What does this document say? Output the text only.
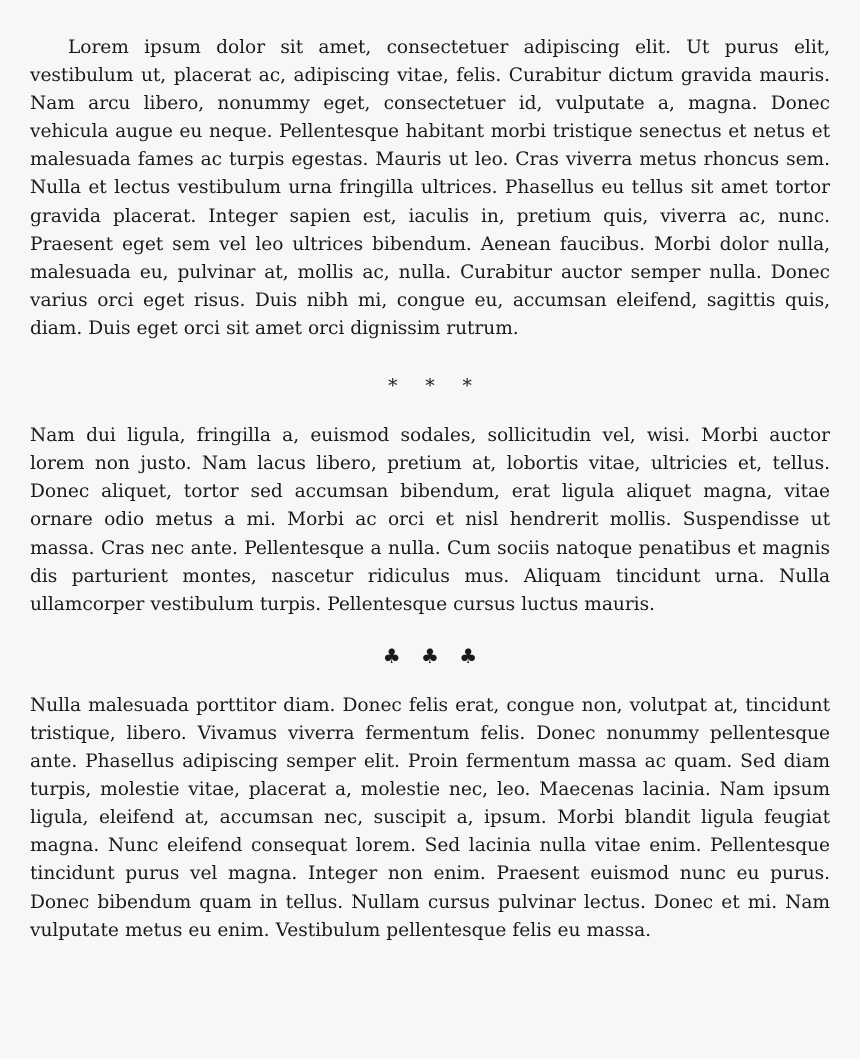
Lorem ipsum dolor sit amet, consectetuer adipiscing elit. Ut purus elit, vestibulum ut, placerat ac, adipiscing vitae, felis. Curabitur dictum gravida mauris. Nam arcu libero, nonummy eget, consectetuer id, vulputate a, magna. Donec vehicula augue eu neque. Pellentesque habitant morbi tristique senectus et netus et malesuada fames ac turpis egestas. Mauris ut leo. Cras viverra metus rhoncus sem. Nulla et lectus vestibulum urna fringilla ultrices. Phasellus eu tellus sit amet tortor gravida placerat. Integer sapien est, iaculis in, pretium quis, viverra ac, nunc. Praesent eget sem vel leo ultrices bibendum. Aenean faucibus. Morbi dolor nulla, malesuada eu, pulvinar at, mollis ac, nulla. Curabitur auctor semper nulla. Donec varius orci eget risus. Duis nibh mi, congue eu, accumsan eleifend, sagittis quis, diam. Duis eget orci sit amet orci dignissim rutrum.

* * *

Nam dui ligula, fringilla a, euismod sodales, sollicitudin vel, wisi. Morbi auctor lorem non justo. Nam lacus libero, pretium at, lobortis vitae, ultricies et, tellus. Donec aliquet, tortor sed accumsan bibendum, erat ligula aliquet magna, vitae ornare odio metus a mi. Morbi ac orci et nisl hendrerit mollis. Suspendisse ut massa. Cras nec ante. Pellentesque a nulla. Cum sociis natoque penatibus et magnis dis parturient montes, nascetur ridiculus mus. Aliquam tincidunt urna. Nulla ullamcorper vestibulum turpis. Pellentesque cursus luctus mauris.

♣ ♣ ♣

Nulla malesuada porttitor diam. Donec felis erat, congue non, volutpat at, tincidunt tristique, libero. Vivamus viverra fermentum felis. Donec nonummy pellentesque ante. Phasellus adipiscing semper elit. Proin fermentum massa ac quam. Sed diam turpis, molestie vitae, placerat a, molestie nec, leo. Maecenas lacinia. Nam ipsum ligula, eleifend at, accumsan nec, suscipit a, ipsum. Morbi blandit ligula feugiat magna. Nunc eleifend consequat lorem. Sed lacinia nulla vitae enim. Pellentesque tincidunt purus vel magna. Integer non enim. Praesent euismod nunc eu purus. Donec bibendum quam in tellus. Nullam cursus pulvinar lectus. Donec et mi. Nam vulputate metus eu enim. Vestibulum pellentesque felis eu massa.
